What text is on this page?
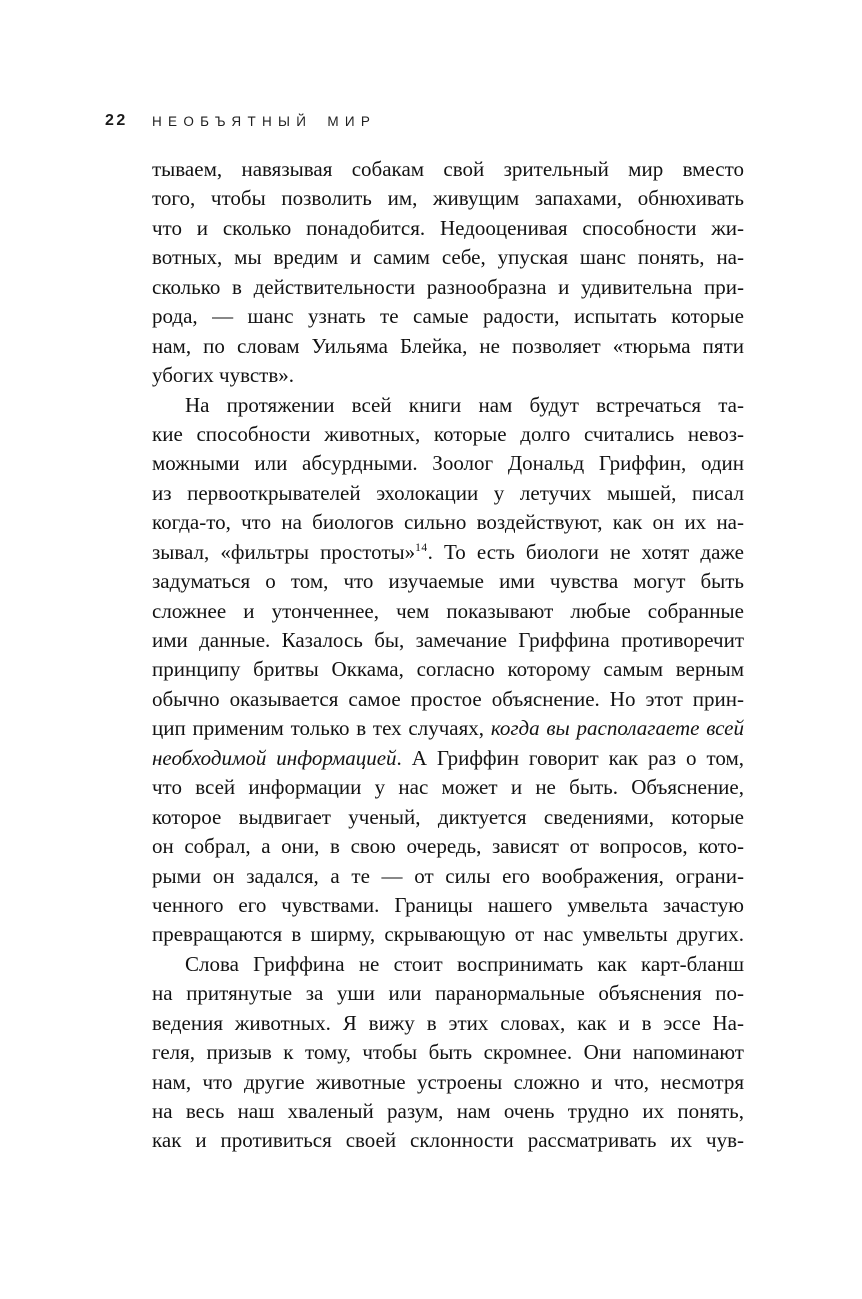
22 НЕОБЪЯТНЫЙ МИР
тываем, навязывая собакам свой зрительный мир вместо
того, чтобы позволить им, живущим запахами, обнюхивать
что и сколько понадобится. Недооценивая способности жи-
вотных, мы вредим и самим себе, упуская шанс понять, на-
сколько в действительности разнообразна и удивительна при-
рода, — шанс узнать те самые радости, испытать которые
нам, по словам Уильяма Блейка, не позволяет «тюрьма пяти
убогих чувств».
На протяжении всей книги нам будут встречаться та-
кие способности животных, которые долго считались невоз-
можными или абсурдными. Зоолог Дональд Гриффин, один
из первооткрывателей эхолокации у летучих мышей, писал
когда-то, что на биологов сильно воздействуют, как он их на-
зывал, «фильтры простоты»$^{14}$. То есть биологи не хотят даже
задуматься о том, что изучаемые ими чувства могут быть
сложнее и утонченнее, чем показывают любые собранные
ими данные. Казалось бы, замечание Гриффина противоречит
принципу бритвы Оккама, согласно которому самым верным
обычно оказывается самое простое объяснение. Но этот прин-
цип применим только в тех случаях, когда вы располагаете всей
необходимой информацией. А Гриффин говорит как раз о том,
что всей информации у нас может и не быть. Объяснение,
которое выдвигает ученый, диктуется сведениями, которые
он собрал, а они, в свою очередь, зависят от вопросов, кото-
рыми он задался, а те — от силы его воображения, ограни-
ченного его чувствами. Границы нашего умвельта зачастую
превращаются в ширму, скрывающую от нас умвельты других.
Слова Гриффина не стоит воспринимать как карт-бланш
на притянутые за уши или паранормальные объяснения по-
ведения животных. Я вижу в этих словах, как и в эссе На-
геля, призыв к тому, чтобы быть скромнее. Они напоминают
нам, что другие животные устроены сложно и что, несмотря
на весь наш хваленый разум, нам очень трудно их понять,
как и противиться своей склонности рассматривать их чув-
